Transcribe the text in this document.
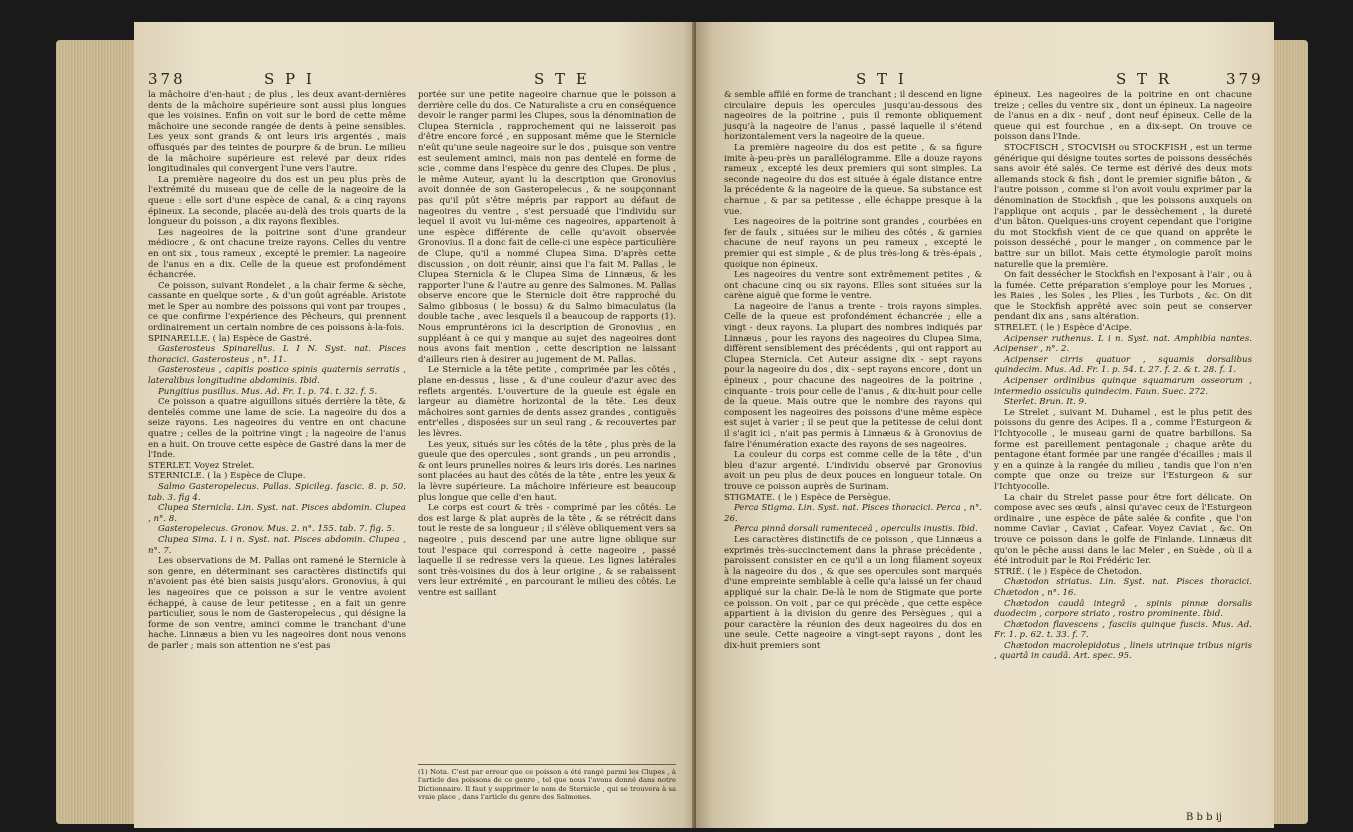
378	S P I	S T E

la mâchoire d'en-haut ; de plus , les deux avant-dernières dents de la mâchoire supérieure sont aussi plus longues que les voisines. Enfin on voit sur le bord de cette même mâchoire une seconde rangée de dents à peine sensibles. Les yeux sont grands & ont leurs iris argentés , mais offusqués par des teintes de pourpre & de brun. Le milieu de la mâchoire supérieure est relevé par deux rides longitudinales qui convergent l'une vers l'autre.

La première nageoire du dos est un peu plus près de l'extrémité du museau que de celle de la nageoire de la queue : elle sort d'une espèce de canal, & a cinq rayons épineux. La seconde, placée au-delà des trois quarts de la longueur du poisson , a dix rayons flexibles.

Les nageoires de la poitrine sont d'une grandeur médiocre , & ont chacune treize rayons. Celles du ventre en ont six , tous rameux , excepté le premier. La nageoire de l'anus en a dix. Celle de la queue est profondément échancrée.

Ce poisson, suivant Rondelet , a la chair ferme & sèche, cassante en quelque sorte , & d'un goût agréable. Aristote met le Sper au nombre des poissons qui vont par troupes , ce que confirme l'expérience des Pêcheurs, qui prennent ordinairement un certain nombre de ces poissons à-la-fois.

SPINARELLE. ( la) Espèce de Gastré.

Gasterosteus Spinarellus. L I N. Syst. nat. Pisces thoracici. Gasterosteus , n°. 11.

Gasterosteus , capitis postico spinis quaternis serratis , lateralibus longitudine abdominis. Ibid.

Pungitius pusillus. Mus. Ad. Fr. 1. p. 74. t. 32. f. 5.

Ce poisson a quatre aiguillons situés derrière la tête, & dentelés comme une lame de scie. La nageoire du dos a seize rayons. Les nageoires du ventre en ont chacune quatre ; celles de la poitrine vingt ; la nageoire de l'anus en a huit. On trouve cette espèce de Gastré dans la mer de l'Inde.

STERLET. Voyez Strelet.

STERNICLE. ( la ) Espèce de Clupe.

Salmo Gasteropelecus. Pallas. Spicileg. fascic. 8. p. 50. tab. 3. fig 4.

Clupea Sternicla. Lin. Syst. nat. Pisces abdomin. Clupea , n°. 8.

Gasteropelecus. Gronov. Mus. 2. n°. 155. tab. 7. fig. 5.

Clupea Sima. L i n. Syst. nat. Pisces abdomin. Clupea , n°. 7.

Les observations de M. Pallas ont ramené le Sternicle à son genre, en déterminant ses caractères distinctifs qui n'avoient pas été bien saisis jusqu'alors. Gronovius, à qui les nageoires que ce poisson a sur le ventre avoient échappé, à cause de leur petitesse , en a fait un genre particulier, sous le nom de Gasteropelecus , qui désigne la forme de son ventre, aminci comme le tranchant d'une hache. Linnæus a bien vu les nageoires dont nous venons de parler ; mais son attention ne s'est pas

portée sur une petite nageoire charnue que le poisson a derrière celle du dos. Ce Naturaliste a cru en conséquence devoir le ranger parmi les Clupes, sous la dénomination de Clupea Sternicla , rapprochement qui ne laisseroit pas d'être encore forcé , en supposant même que le Sternicle n'eût qu'une seule nageoire sur le dos , puisque son ventre est seulement aminci, mais non pas dentelé en forme de scie , comme dans l'espèce du genre des Clupes. De plus , le même Auteur, ayant lu la description que Gronovius avoit donnée de son Gasteropelecus , & ne soupçonnant pas qu'il pût s'être mépris par rapport au défaut de nageoires du ventre , s'est persuadé que l'individu sur lequel il avoit vu lui-même ces nageoires, appartenoit à une espèce différente de celle qu'avoit observée Gronovius. Il a donc fait de celle-ci une espèce particulière de Clupe, qu'il a nommé Clupea Sima. D'après cette discussion , on doit réunir, ainsi que l'a fait M. Pallas , le Clupea Sternicla & le Clupea Sima de Linnæus, & les rapporter l'une & l'autre au genre des Salmones. M. Pallas observe encore que le Sternicle doit être rapproché du Salmo gibbosus ( le bossu) & du Salmo bimaculatus (la double tache , avec lesquels il a beaucoup de rapports (1). Nous empruntérons ici la description de Gronovius , en suppléant à ce qui y manque au sujet des nageoires dont nous avons fait mention , cette description ne laissant d'ailleurs rien à desirer au jugement de M. Pallas.

Le Sternicle a la tête petite , comprimée par les côtés , plane en-dessus , lisse , & d'une couleur d'azur avec des reflets argentés. L'ouverture de la gueule est égale en largeur au diamètre horizontal de la tête. Les deux mâchoires sont garnies de dents assez grandes , contiguës entr'elles , disposées sur un seul rang , & recouvertes par les lèvres.

Les yeux, situés sur les côtés de la tête , plus près de la gueule que des opercules , sont grands , un peu arrondis , & ont leurs prunelles noires & leurs iris dorés. Les narines sont placées au haut des côtés de la tête , entre les yeux & la lèvre supérieure. La mâchoire inférieure est beaucoup plus longue que celle d'en haut.

Le corps est court & très - comprimé par les côtés. Le dos est large & plat auprès de la tête , & se rétrécit dans tout le reste de sa longueur ; il s'élève obliquement vers sa nageoire , puis descend par une autre ligne oblique sur tout l'espace qui correspond à cette nageoire , passé laquelle il se redresse vers la queue. Les lignes latérales sont très-voisines du dos à leur origine , & se rabaissent vers leur extrémité , en parcourant le milieu des côtés. Le ventre est saillant

(1) Nota. C'est par erreur que ce poisson a été rangé parmi les Clupes , à l'article des poissons de ce genre , tel que nous l'avons donné dans notre Dictionnaire. Il faut y supprimer le nom de Sternicle , qui se trouvera à sa vraie place , dans l'article du genre des Salmones.
S T I	S T R	379

& semble affilé en forme de tranchant ; il descend en ligne circulaire depuis les opercules jusqu'au-dessous des nageoires de la poitrine , puis il remonte obliquement jusqu'à la nageoire de l'anus , passé laquelle il s'étend horizontalement vers la nageoire de la queue.

La première nageoire du dos est petite , & sa figure imite à-peu-près un parallélogramme. Elle a douze rayons rameux , excepté les deux premiers qui sont simples. La seconde nageoire du dos est située à égale distance entre la précédente & la nageoire de la queue. Sa substance est charnue , & par sa petitesse , elle échappe presque à la vue.

Les nageoires de la poitrine sont grandes , courbées en fer de faulx , situées sur le milieu des côtés , & garnies chacune de neuf rayons un peu rameux , excepté le premier qui est simple , & de plus très-long & très-épais , quoique non épineux.

Les nageoires du ventre sont extrêmement petites , & ont chacune cinq ou six rayons. Elles sont situées sur la carène aiguë que forme le ventre.

La nageoire de l'anus a trente - trois rayons simples. Celle de la queue est profondément échancrée ; elle a vingt - deux rayons. La plupart des nombres indiqués par Linnæus , pour les rayons des nageoires du Clupea Sima, diffèrent sensiblement des précédents , qui ont rapport au Clupea Sternicla. Cet Auteur assigne dix - sept rayons pour la nageoire du dos , dix - sept rayons encore , dont un épineux , pour chacune des nageoires de la poitrine , cinquante - trois pour celle de l'anus , & dix-huit pour celle de la queue. Mais outre que le nombre des rayons qui composent les nageoires des poissons d'une même espèce est sujet à varier ; il se peut que la petitesse de celui dont il s'agit ici , n'ait pas permis à Linnæus & à Gronovius de faire l'énumération exacte des rayons de ses nageoires.

La couleur du corps est comme celle de la tête , d'un bleu d'azur argenté. L'individu observé par Gronovius avoit un peu plus de deux pouces en longueur totale. On trouve ce poisson auprès de Surinam.

STIGMATE. ( le ) Espèce de Persègue.

Perca Stigma. Lin. Syst. nat. Pisces thoracici. Perca , n°. 26.

Perca pinnâ dorsali ramenteceâ , operculis inustis. Ibid.

Les caractères distinctifs de ce poisson , que Linnæus a exprimés très-succinctement dans la phrase précédente , paroissent consister en ce qu'il a un long filament soyeux à la nageoire du dos , & que ses opercules sont marqués d'une empreinte semblable à celle qu'a laissé un fer chaud appliqué sur la chair. De-là le nom de Stigmate que porte ce poisson. On voit , par ce qui précède , que cette espèce appartient à la division du genre des Persègues , qui a pour caractère la réunion des deux nageoires du dos en une seule. Cette nageoire a vingt-sept rayons , dont les dix-huit premiers sont

épineux. Les nageoires de la poitrine en ont chacune treize ; celles du ventre six , dont un épineux. La nageoire de l'anus en a dix - neuf , dont neuf épineux. Celle de la queue qui est fourchue , en a dix-sept. On trouve ce poisson dans l'Inde.

STOCFISCH , STOCVISH ou STOCKFISH , est un terme générique qui désigne toutes sortes de poissons desséchés sans avoir été salés. Ce terme est dérivé des deux mots allemands stock & fish , dont le premier signifie bâton , & l'autre poisson , comme si l'on avoit voulu exprimer par la dénomination de Stockfish , que les poissons auxquels on l'applique ont acquis , par le dessèchement , la dureté d'un bâton. Quelques-uns croyent cependant que l'origine du mot Stockfish vient de ce que quand on apprête le poisson desséché , pour le manger , on commence par le battre sur un billot. Mais cette étymologie paroît moins naturelle que la première.

On fait dessécher le Stockfish en l'exposant à l'air , ou à la fumée. Cette préparation s'employe pour les Morues , les Raies , les Soles , les Plies , les Turbots , &c. On dit que le Stockfish apprêté avec soin peut se conserver pendant dix ans , sans altération.

STRELET. ( le ) Espèce d'Acipe.

Acipenser ruthenus. L i n. Syst. nat. Amphibia nantes. Acipenser , n°. 2.

Acipenser cirris quatuor , squamis dorsalibus quindecim. Mus. Ad. Fr. 1. p. 54. t. 27. f. 2. & t. 28. f. 1.

Acipenser ordinibus quinque squamarum osseorum , intermedio ossiculis quindecim. Faun. Suec. 272.

Sterlet. Brun. It. 9.

Le Strelet , suivant M. Duhamel , est le plus petit des poissons du genre des Acipes. Il a , comme l'Esturgeon & l'Ichtyocolle , le museau garni de quatre barbillons. Sa forme est pareillement pentagonale ; chaque arête du pentagone étant formée par une rangée d'écailles ; mais il y en a quinze à la rangée du milieu , tandis que l'on n'en compte que onze ou treize sur l'Esturgeon & sur l'Ichtyocolle.

La chair du Strelet passe pour être fort délicate. On compose avec ses œufs , ainsi qu'avec ceux de l'Esturgeon ordinaire , une espèce de pâte salée & confite , que l'on nomme Caviar , Caviat , Cafear. Voyez Caviat , &c. On trouve ce poisson dans le golfe de Finlande. Linnæus dit qu'on le pêche aussi dans le lac Meler , en Suède , où il a été introduit par le Roi Frédéric Ier.

STRIÉ. ( le ) Espèce de Chetodon.

Chætodon striatus. Lin. Syst. nat. Pisces thoracici. Chætodon , n°. 16.

Chætodon caudâ integrâ , spinis pinnæ dorsalis duodecim , corpore striato , rostro prominente. Ibid.

Chætodon flavescens , fasciis quinque fuscis. Mus. Ad. Fr. 1. p. 62. t. 33. f. 7.

Chætodon macrolepidotus , lineis utrinque tribus nigris , quartâ in caudâ. Art. spec. 95.

B b b ij
